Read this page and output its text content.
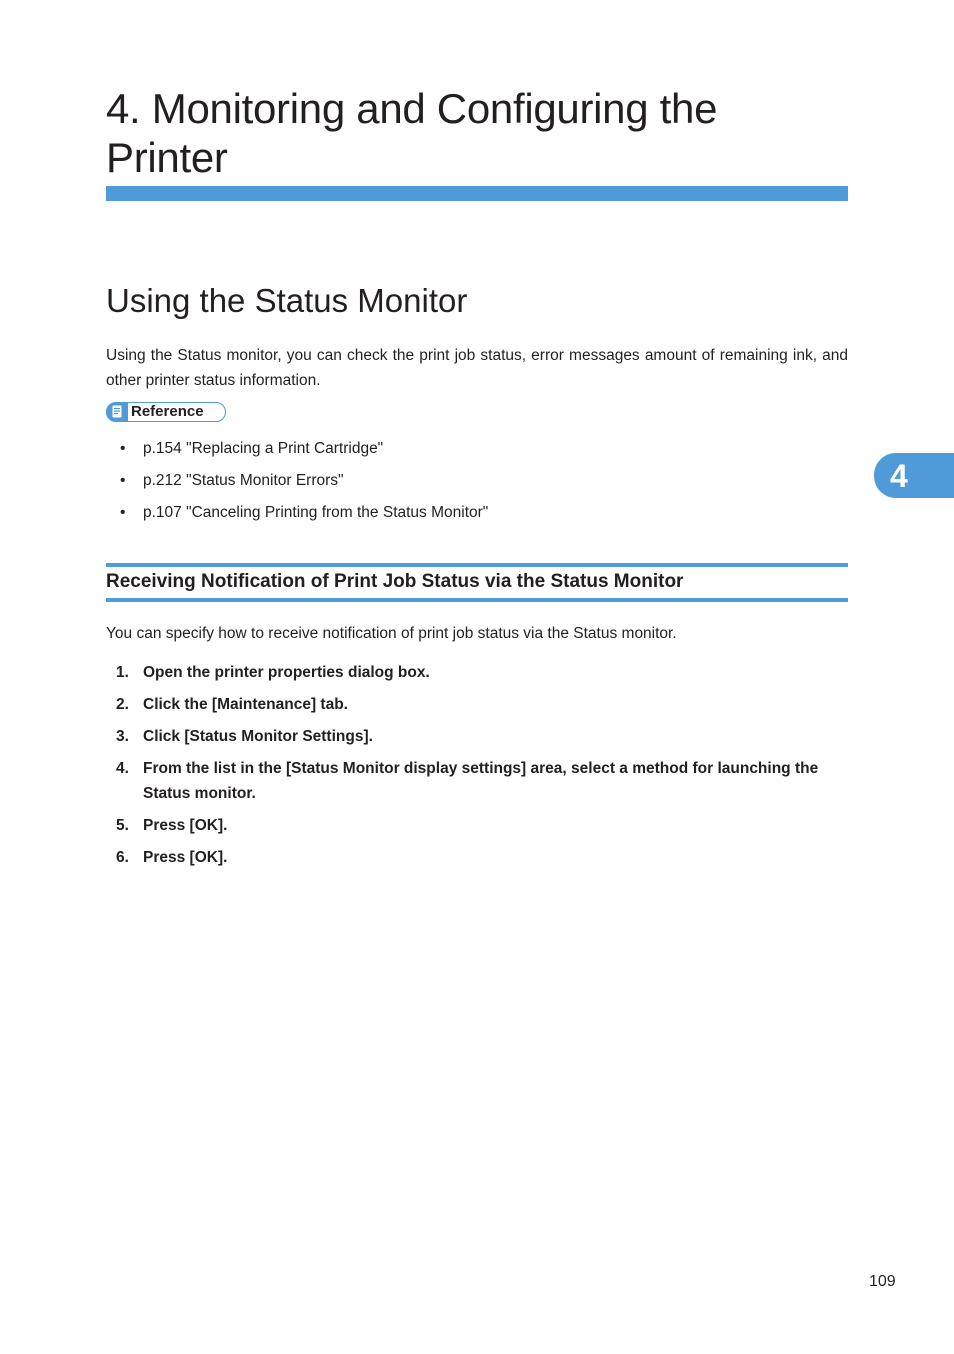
4. Monitoring and Configuring the Printer
Using the Status Monitor

Using the Status monitor, you can check the print job status, error messages amount of remaining ink, and other printer status information.

Reference
• p.154 "Replacing a Print Cartridge"
• p.212 "Status Monitor Errors"
• p.107 "Canceling Printing from the Status Monitor"
Receiving Notification of Print Job Status via the Status Monitor

You can specify how to receive notification of print job status via the Status monitor.

1. Open the printer properties dialog box.
2. Click the [Maintenance] tab.
3. Click [Status Monitor Settings].
4. From the list in the [Status Monitor display settings] area, select a method for launching the Status monitor.
5. Press [OK].
6. Press [OK].
4
109
